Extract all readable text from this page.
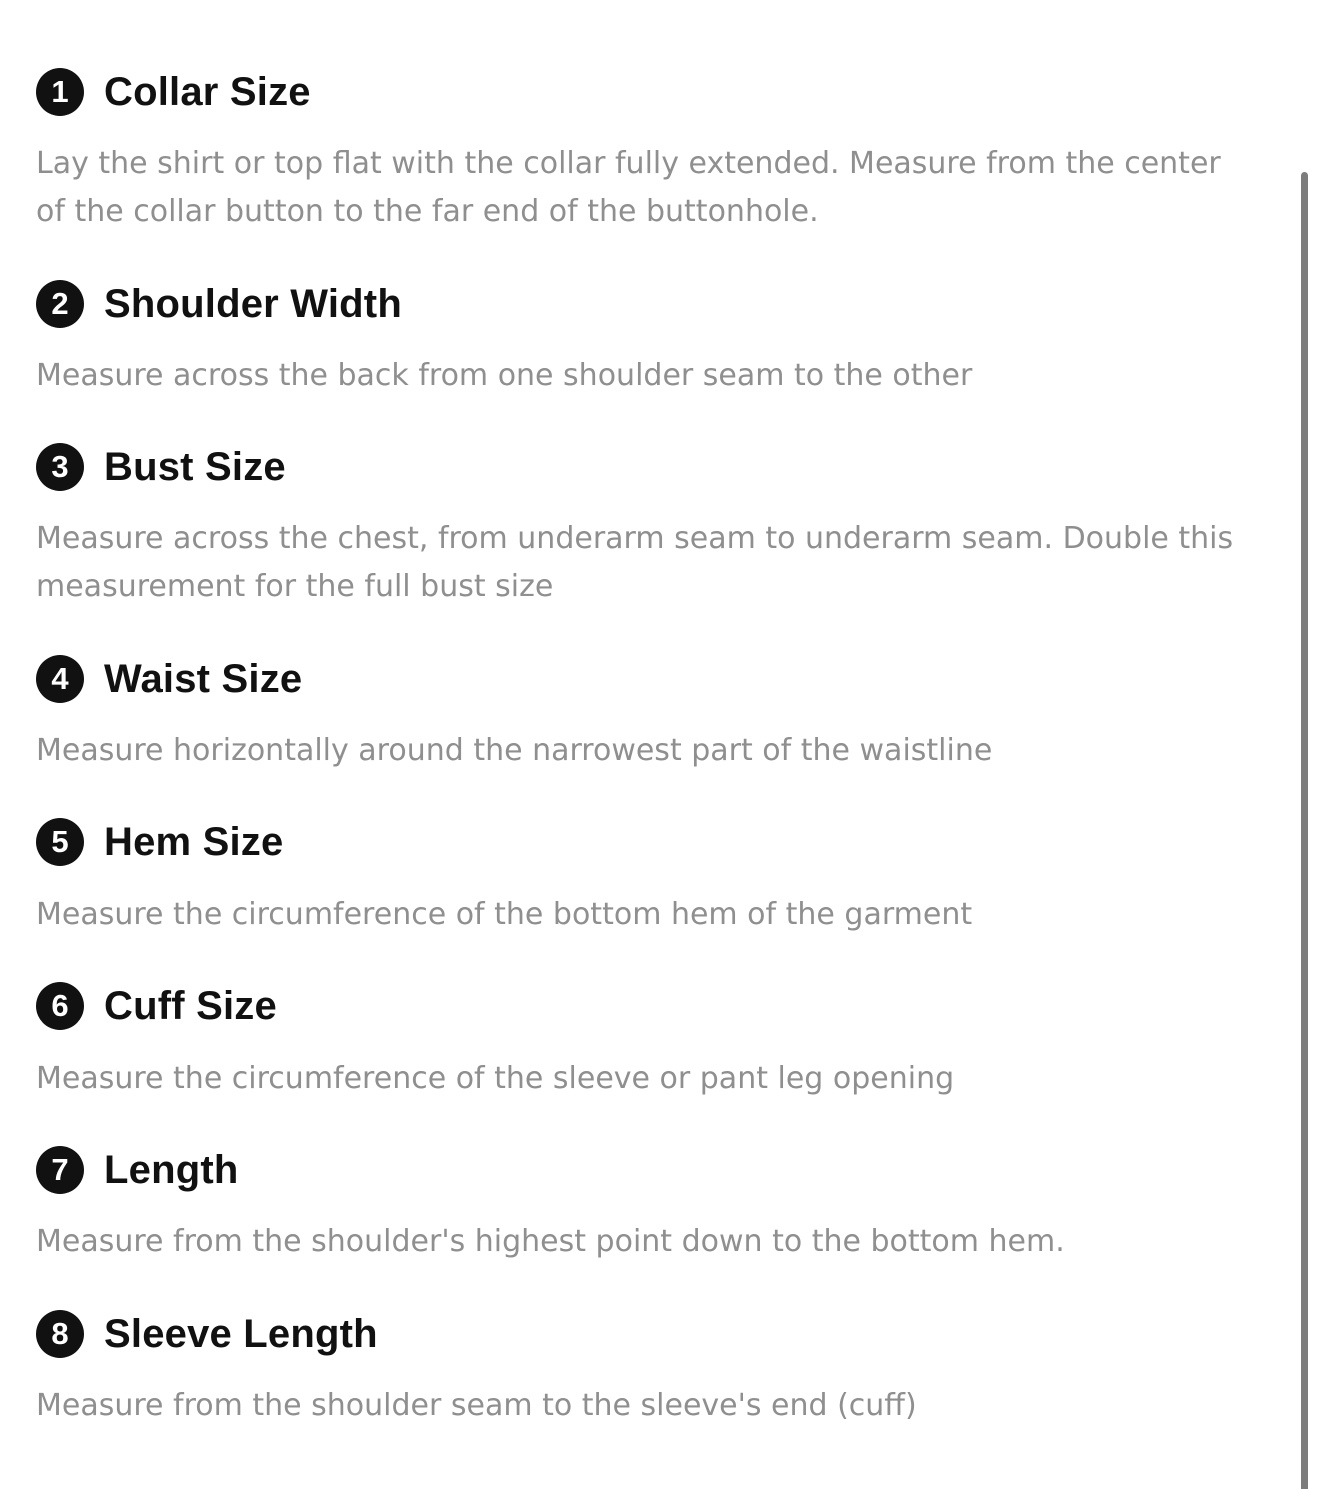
1 Collar Size
Lay the shirt or top flat with the collar fully extended. Measure from the center of the collar button to the far end of the buttonhole.
2 Shoulder Width
Measure across the back from one shoulder seam to the other
3 Bust Size
Measure across the chest, from underarm seam to underarm seam. Double this measurement for the full bust size
4 Waist Size
Measure horizontally around the narrowest part of the waistline
5 Hem Size
Measure the circumference of the bottom hem of the garment
6 Cuff Size
Measure the circumference of the sleeve or pant leg opening
7 Length
Measure from the shoulder's highest point down to the bottom hem.
8 Sleeve Length
Measure from the shoulder seam to the sleeve's end (cuff)
